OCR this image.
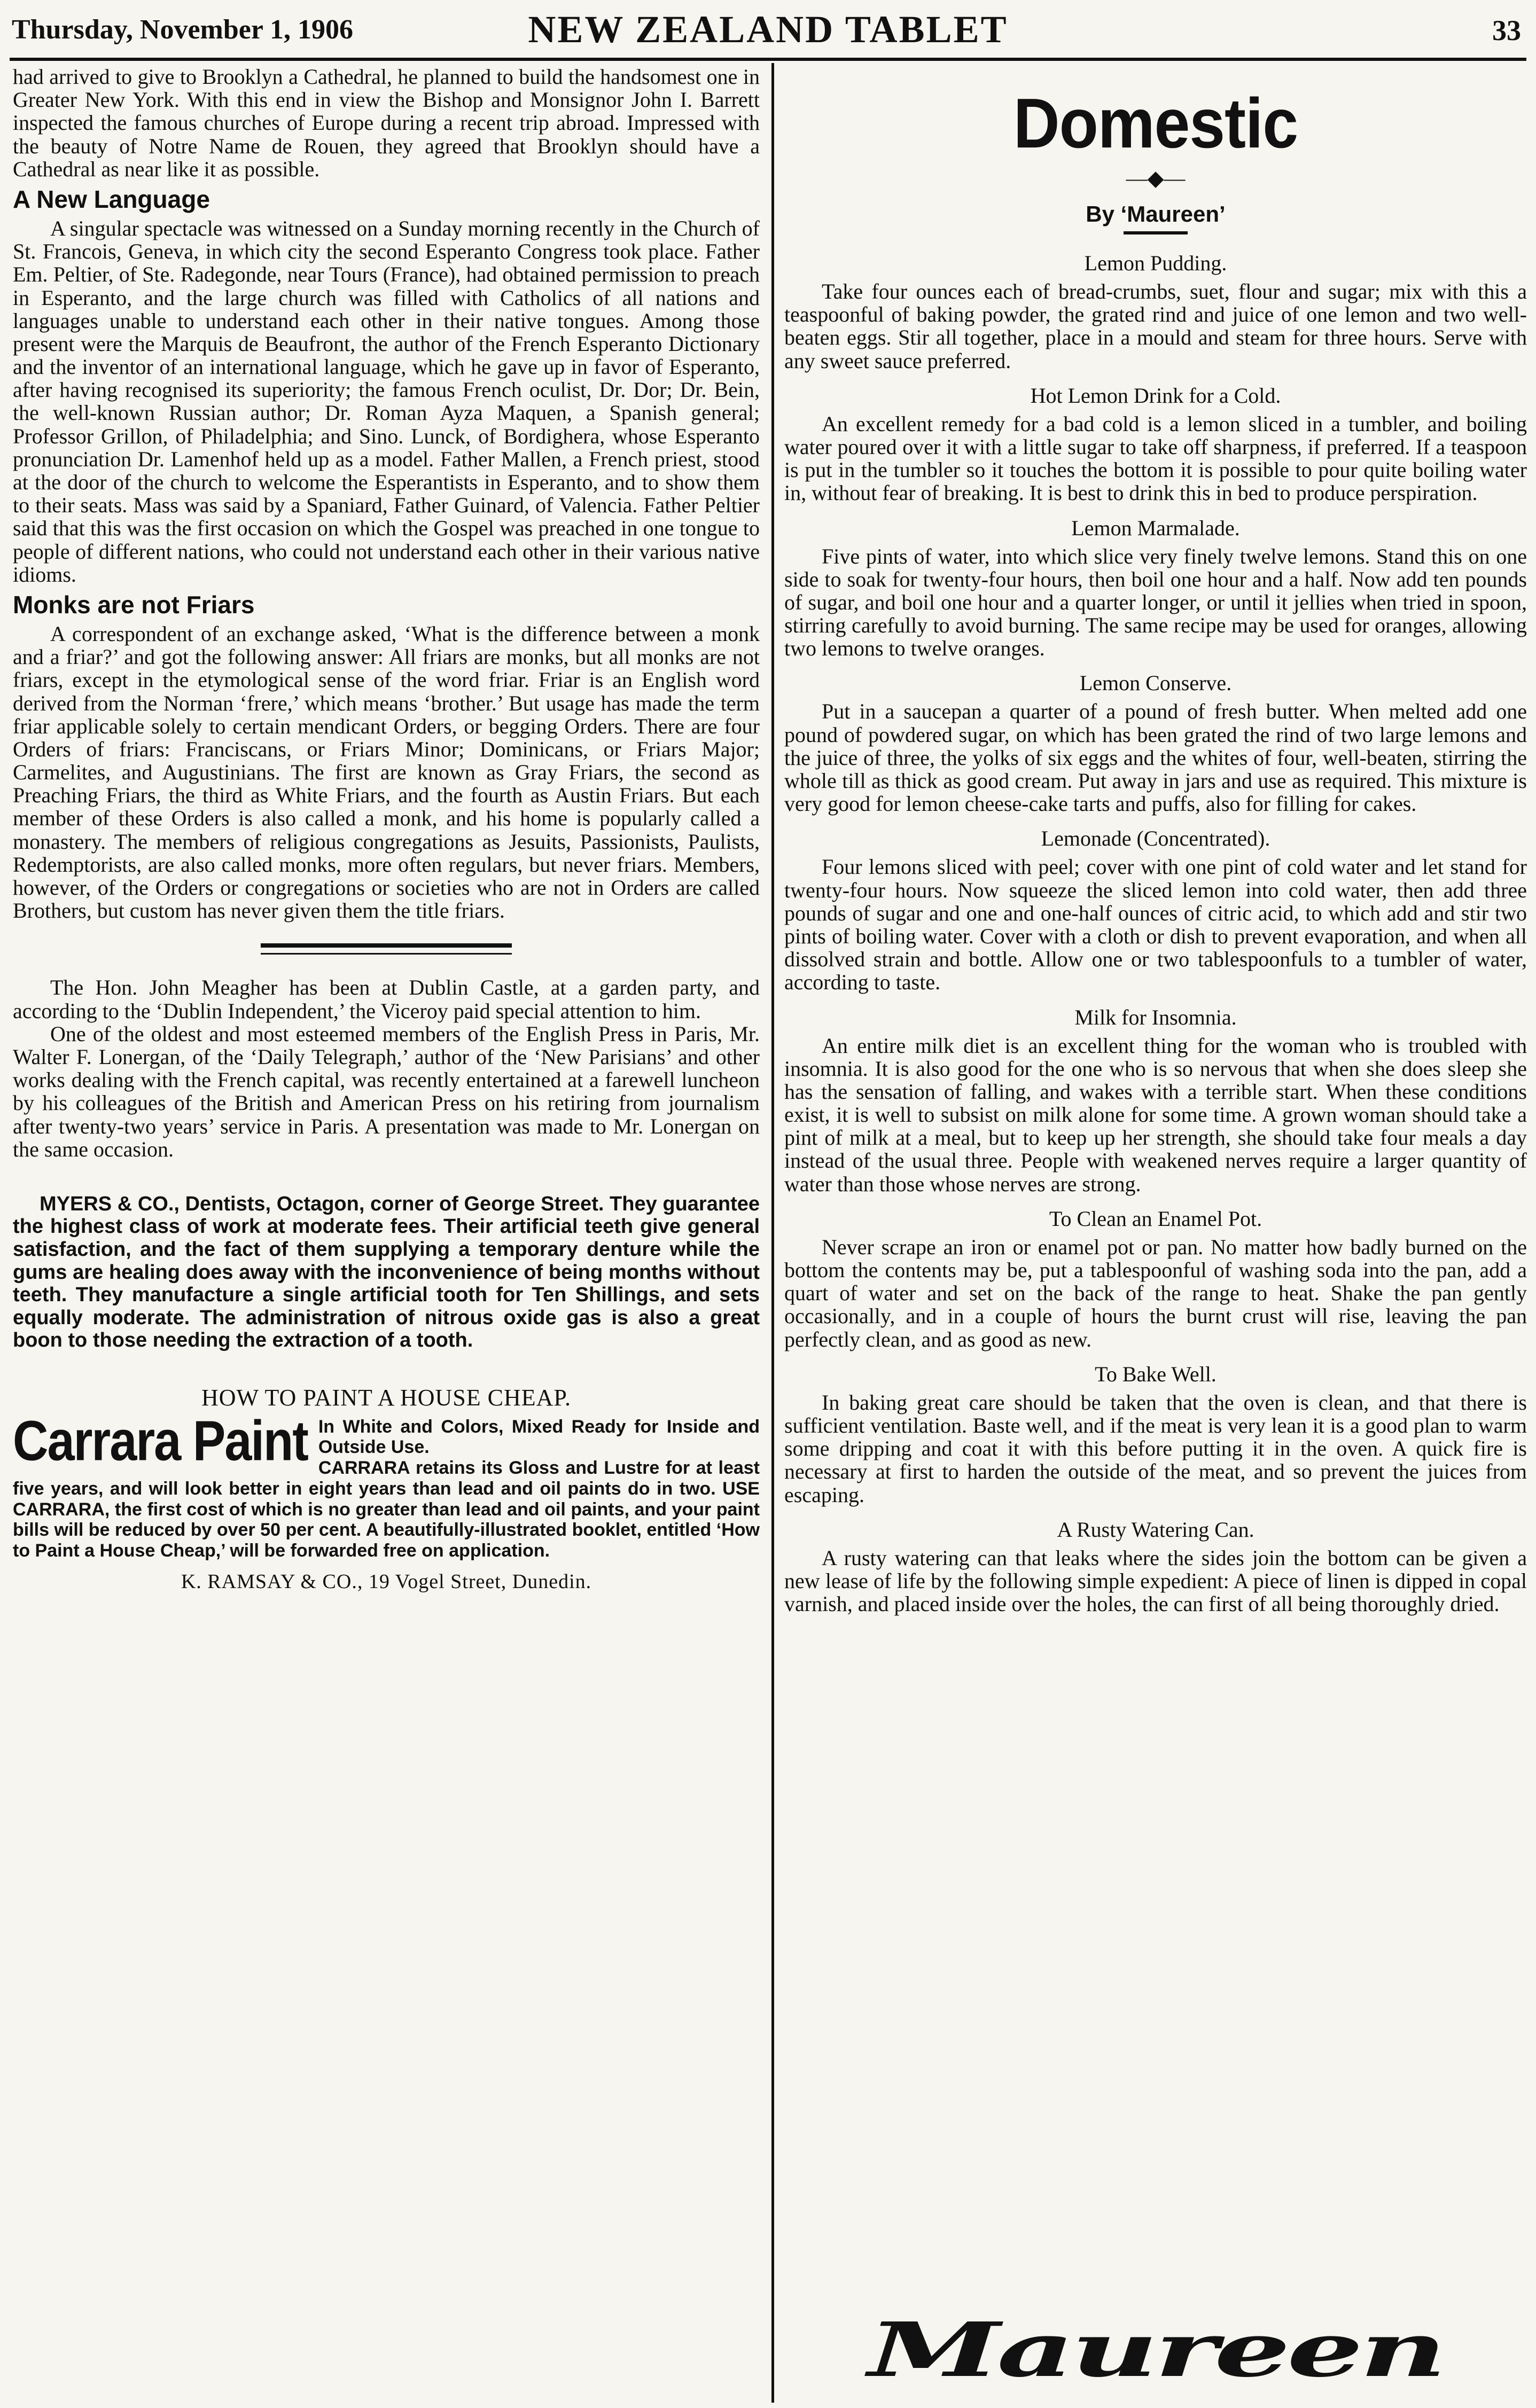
Thursday, November 1, 1906	NEW ZEALAND TABLET	33

had arrived to give to Brooklyn a Cathedral, he planned to build the handsomest one in Greater New York. With this end in view the Bishop and Monsignor John I. Barrett inspected the famous churches of Europe during a recent trip abroad. Impressed with the beauty of Notre Name de Rouen, they agreed that Brooklyn should have a Cathedral as near like it as possible.

A New Language

A singular spectacle was witnessed on a Sunday morning recently in the Church of St. Francois, Geneva, in which city the second Esperanto Congress took place. Father Em. Peltier, of Ste. Radegonde, near Tours (France), had obtained permission to preach in Esperanto, and the large church was filled with Catholics of all nations and languages unable to understand each other in their native tongues. Among those present were the Marquis de Beaufront, the author of the French Esperanto Dictionary and the inventor of an international language, which he gave up in favor of Esperanto, after having recognised its superiority; the famous French oculist, Dr. Dor; Dr. Bein, the well-known Russian author; Dr. Roman Ayza Maquen, a Spanish general; Professor Grillon, of Philadelphia; and Sino. Lunck, of Bordighera, whose Esperanto pronunciation Dr. Lamenhof held up as a model. Father Mallen, a French priest, stood at the door of the church to welcome the Esperantists in Esperanto, and to show them to their seats. Mass was said by a Spaniard, Father Guinard, of Valencia. Father Peltier said that this was the first occasion on which the Gospel was preached in one tongue to people of different nations, who could not understand each other in their various native idioms.

Monks are not Friars

A correspondent of an exchange asked, ‘What is the difference between a monk and a friar?’ and got the following answer: All friars are monks, but all monks are not friars, except in the etymological sense of the word friar. Friar is an English word derived from the Norman ‘frere,’ which means ‘brother.’ But usage has made the term friar applicable solely to certain mendicant Orders, or begging Orders. There are four Orders of friars: Franciscans, or Friars Minor; Dominicans, or Friars Major; Carmelites, and Augustinians. The first are known as Gray Friars, the second as Preaching Friars, the third as White Friars, and the fourth as Austin Friars. But each member of these Orders is also called a monk, and his home is popularly called a monastery. The members of religious congregations as Jesuits, Passionists, Paulists, Redemptorists, are also called monks, more often regulars, but never friars. Members, however, of the Orders or congregations or societies who are not in Orders are called Brothers, but custom has never given them the title friars.

The Hon. John Meagher has been at Dublin Castle, at a garden party, and according to the ‘Dublin Independent,’ the Viceroy paid special attention to him.

One of the oldest and most esteemed members of the English Press in Paris, Mr. Walter F. Lonergan, of the ‘Daily Telegraph,’ author of the ‘New Parisians’ and other works dealing with the French capital, was recently entertained at a farewell luncheon by his colleagues of the British and American Press on his retiring from journalism after twenty-two years’ service in Paris. A presentation was made to Mr. Lonergan on the same occasion.

MYERS & CO., Dentists, Octagon, corner of George Street. They guarantee the highest class of work at moderate fees. Their artificial teeth give general satisfaction, and the fact of them supplying a temporary denture while the gums are healing does away with the inconvenience of being months without teeth. They manufacture a single artificial tooth for Ten Shillings, and sets equally moderate. The administration of nitrous oxide gas is also a great boon to those needing the extraction of a tooth.

HOW TO PAINT A HOUSE CHEAP.
Carrara Paint In White and Colors, Mixed Ready for Inside and Outside Use.
CARRARA retains its Gloss and Lustre for at least five years, and will look better in eight years than lead and oil paints do in two. USE CARRARA, the first cost of which is no greater than lead and oil paints, and your paint bills will be reduced by over 50 per cent. A beautifully-illustrated booklet, entitled ‘How to Paint a House Cheap,’ will be forwarded free on application.
K. RAMSAY & CO., 19 Vogel Street, Dunedin.
Domestic
―◆―
By ‘Maureen’
Lemon Pudding.

Take four ounces each of bread-crumbs, suet, flour and sugar; mix with this a teaspoonful of baking powder, the grated rind and juice of one lemon and two well-beaten eggs. Stir all together, place in a mould and steam for three hours. Serve with any sweet sauce preferred.

Hot Lemon Drink for a Cold.

An excellent remedy for a bad cold is a lemon sliced in a tumbler, and boiling water poured over it with a little sugar to take off sharpness, if preferred. If a teaspoon is put in the tumbler so it touches the bottom it is possible to pour quite boiling water in, without fear of breaking. It is best to drink this in bed to produce perspiration.

Lemon Marmalade.

Five pints of water, into which slice very finely twelve lemons. Stand this on one side to soak for twenty-four hours, then boil one hour and a half. Now add ten pounds of sugar, and boil one hour and a quarter longer, or until it jellies when tried in spoon, stirring carefully to avoid burning. The same recipe may be used for oranges, allowing two lemons to twelve oranges.

Lemon Conserve.

Put in a saucepan a quarter of a pound of fresh butter. When melted add one pound of powdered sugar, on which has been grated the rind of two large lemons and the juice of three, the yolks of six eggs and the whites of four, well-beaten, stirring the whole till as thick as good cream. Put away in jars and use as required. This mixture is very good for lemon cheese-cake tarts and puffs, also for filling for cakes.

Lemonade (Concentrated).

Four lemons sliced with peel; cover with one pint of cold water and let stand for twenty-four hours. Now squeeze the sliced lemon into cold water, then add three pounds of sugar and one and one-half ounces of citric acid, to which add and stir two pints of boiling water. Cover with a cloth or dish to prevent evaporation, and when all dissolved strain and bottle. Allow one or two tablespoonfuls to a tumbler of water, according to taste.

Milk for Insomnia.

An entire milk diet is an excellent thing for the woman who is troubled with insomnia. It is also good for the one who is so nervous that when she does sleep she has the sensation of falling, and wakes with a terrible start. When these conditions exist, it is well to subsist on milk alone for some time. A grown woman should take a pint of milk at a meal, but to keep up her strength, she should take four meals a day instead of the usual three. People with weakened nerves require a larger quantity of water than those whose nerves are strong.

To Clean an Enamel Pot.

Never scrape an iron or enamel pot or pan. No matter how badly burned on the bottom the contents may be, put a tablespoonful of washing soda into the pan, add a quart of water and set on the back of the range to heat. Shake the pan gently occasionally, and in a couple of hours the burnt crust will rise, leaving the pan perfectly clean, and as good as new.

To Bake Well.

In baking great care should be taken that the oven is clean, and that there is sufficient ventilation. Baste well, and if the meat is very lean it is a good plan to warm some dripping and coat it with this before putting it in the oven. A quick fire is necessary at first to harden the outside of the meat, and so prevent the juices from escaping.

A Rusty Watering Can.

A rusty watering can that leaks where the sides join the bottom can be given a new lease of life by the following simple expedient: A piece of linen is dipped in copal varnish, and placed inside over the holes, the can first of all being thoroughly dried.

Maureen
